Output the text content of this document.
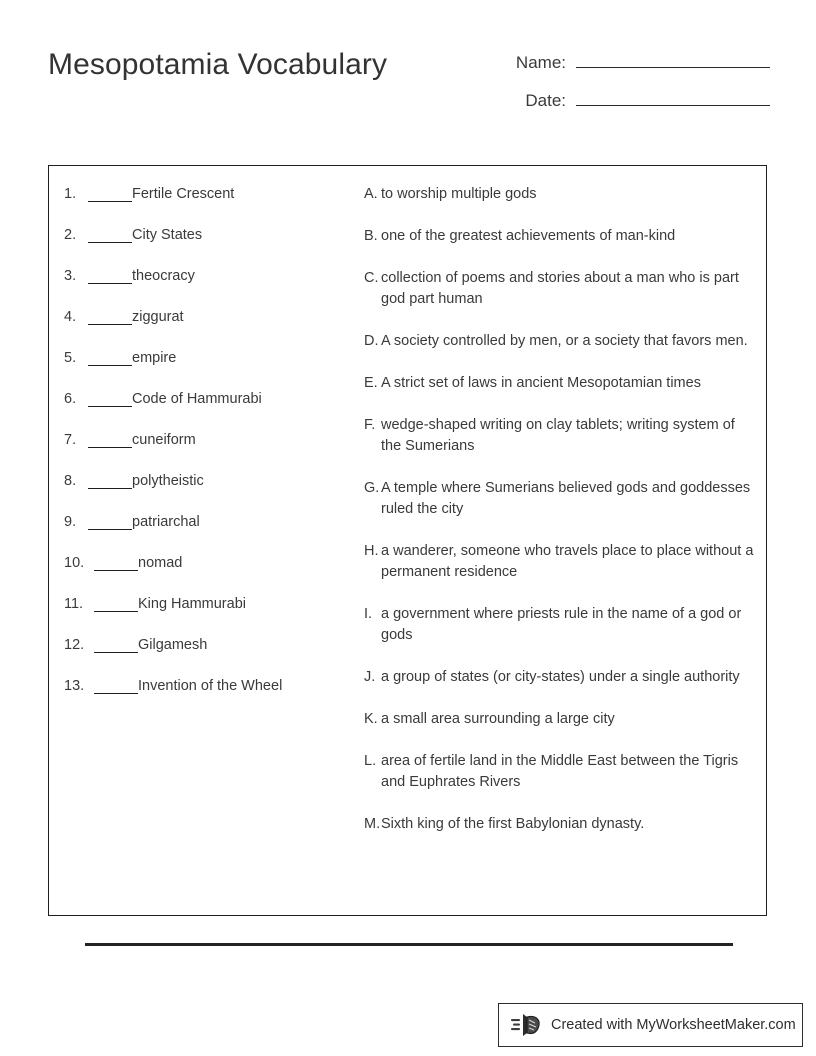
Mesopotamia Vocabulary	Name:
Date:
1.	Fertile Crescent
2.	City States
3.	theocracy
4.	ziggurat
5.	empire
6.	Code of Hammurabi
7.	cuneiform
8.	polytheistic
9.	patriarchal
10.	nomad
11.	King Hammurabi
12.	Gilgamesh
13.	Invention of the Wheel
A. to worship multiple gods
B. one of the greatest achievements of man-kind
C. collection of poems and stories about a man who is part god part human
D. A society controlled by men, or a society that favors men.
E. A strict set of laws in ancient Mesopotamian times
F. wedge-shaped writing on clay tablets; writing system of the Sumerians
G. A temple where Sumerians believed gods and goddesses ruled the city
H. a wanderer, someone who travels place to place without a permanent residence
I. a government where priests rule in the name of a god or gods
J. a group of states (or city-states) under a single authority
K. a small area surrounding a large city
L. area of fertile land in the Middle East between the Tigris and Euphrates Rivers
M. Sixth king of the first Babylonian dynasty.
Created with MyWorksheetMaker.com
